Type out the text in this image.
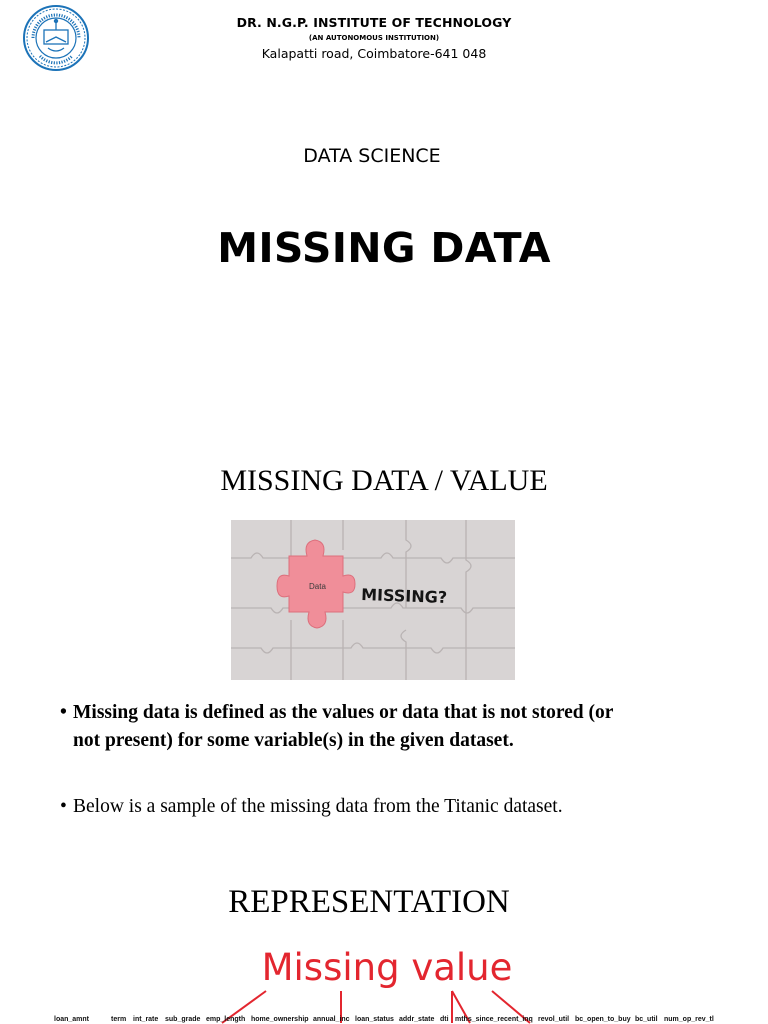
DR. N.G.P. INSTITUTE OF TECHNOLOGY
(AN AUTONOMOUS INSTITUTION)
Kalapatti road, Coimbatore-641 048
DATA SCIENCE
MISSING DATA
MISSING DATA / VALUE
Data MISSING?
• Missing data is defined as the values or data that is not stored (or
not present) for some variable(s) in the given dataset.
• Below is a sample of the missing data from the Titanic dataset.
REPRESENTATION
Missing value
loan_amnt	term int_rate sub_grade emp_length home_ownership annual_inc loan_status addr_state dti mths_since_recent_inq revol_util bc_open_to_buy bc_util num_op_rev_tl
